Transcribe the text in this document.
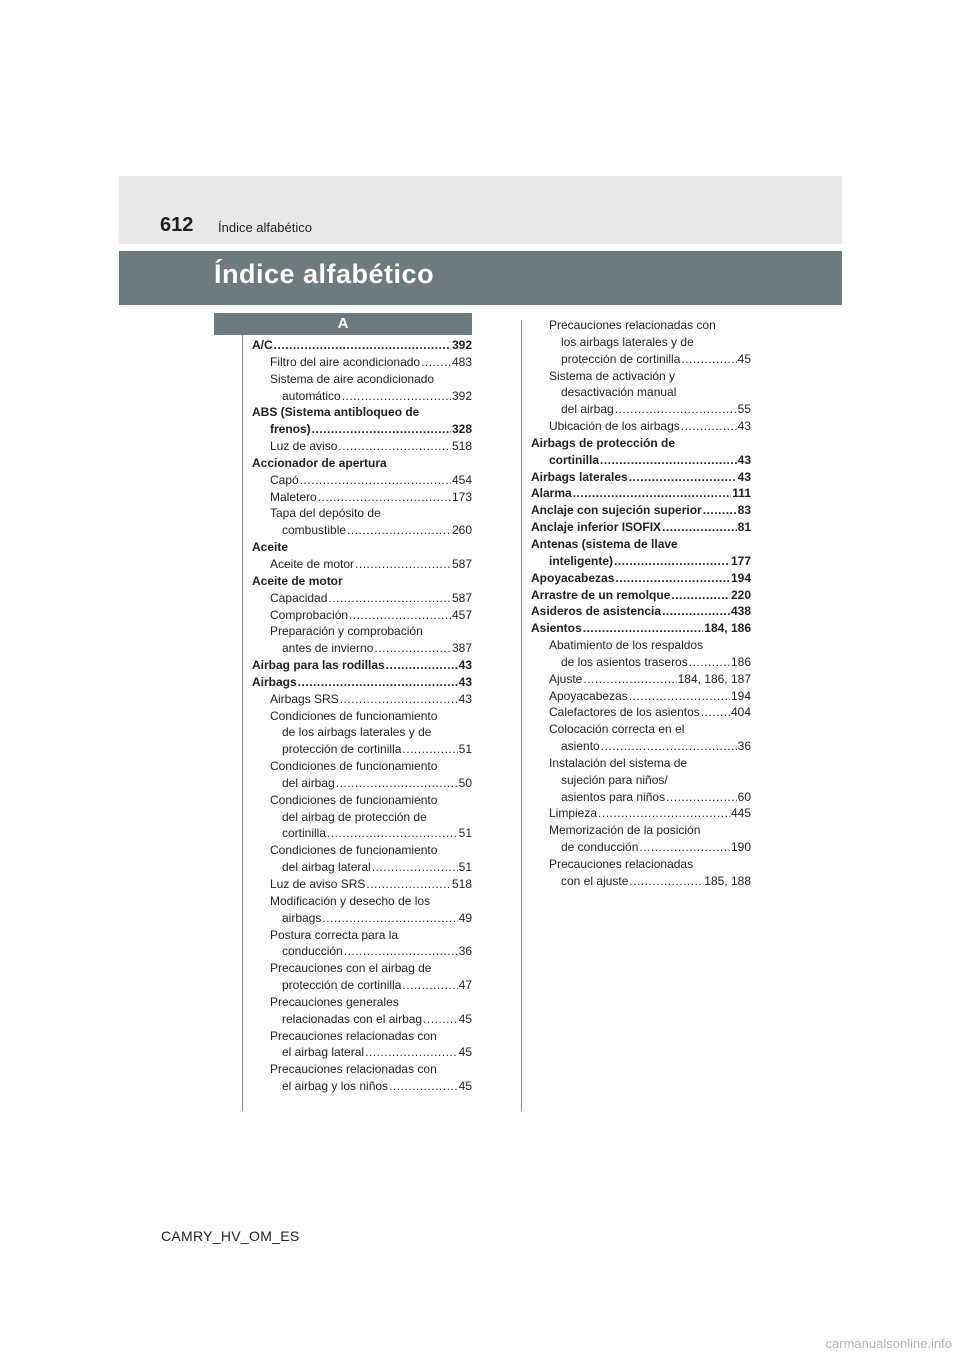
612 Índice alfabético
Índice alfabético
A
A/C .....	392
Filtro del aire acondicionado .....	483
Sistema de aire acondicionado
automático .....	392
ABS (Sistema antibloqueo de
frenos) .....	328
Luz de aviso .....	518
Accionador de apertura
Capó .....	454
Maletero .....	173
Tapa del depósito de
combustible .....	260
Aceite
Aceite de motor .....	587
Aceite de motor
Capacidad .....	587
Comprobación .....	457
Preparación y comprobación
antes de invierno .....	387
Airbag para las rodillas .....	43
Airbags .....	43
Airbags SRS .....	43
Condiciones de funcionamiento
de los airbags laterales y de
protección de cortinilla .....	51
Condiciones de funcionamiento
del airbag .....	50
Condiciones de funcionamiento
del airbag de protección de
cortinilla .....	51
Condiciones de funcionamiento
del airbag lateral .....	51
Luz de aviso SRS .....	518
Modificación y desecho de los
airbags .....	49
Postura correcta para la
conducción .....	36
Precauciones con el airbag de
protección de cortinilla .....	47
Precauciones generales
relacionadas con el airbag .....	45
Precauciones relacionadas con
el airbag lateral .....	45
Precauciones relacionadas con
el airbag y los niños .....	45
Precauciones relacionadas con
los airbags laterales y de
protección de cortinilla .....	45
Sistema de activación y
desactivación manual
del airbag .....	55
Ubicación de los airbags .....	43
Airbags de protección de
cortinilla .....	43
Airbags laterales .....	43
Alarma .....	111
Anclaje con sujeción superior .....	83
Anclaje inferior ISOFIX .....	81
Antenas (sistema de llave
inteligente) .....	177
Apoyacabezas .....	194
Arrastre de un remolque .....	220
Asideros de asistencia .....	438
Asientos .....	184, 186
Abatimiento de los respaldos
de los asientos traseros .....	186
Ajuste .....	184, 186, 187
Apoyacabezas .....	194
Calefactores de los asientos .....	404
Colocación correcta en el
asiento .....	36
Instalación del sistema de
sujeción para niños/
asientos para niños .....	60
Limpieza .....	445
Memorización de la posición
de conducción .....	190
Precauciones relacionadas
con el ajuste .....	185, 188
CAMRY_HV_OM_ES
carmanualsonline.info
